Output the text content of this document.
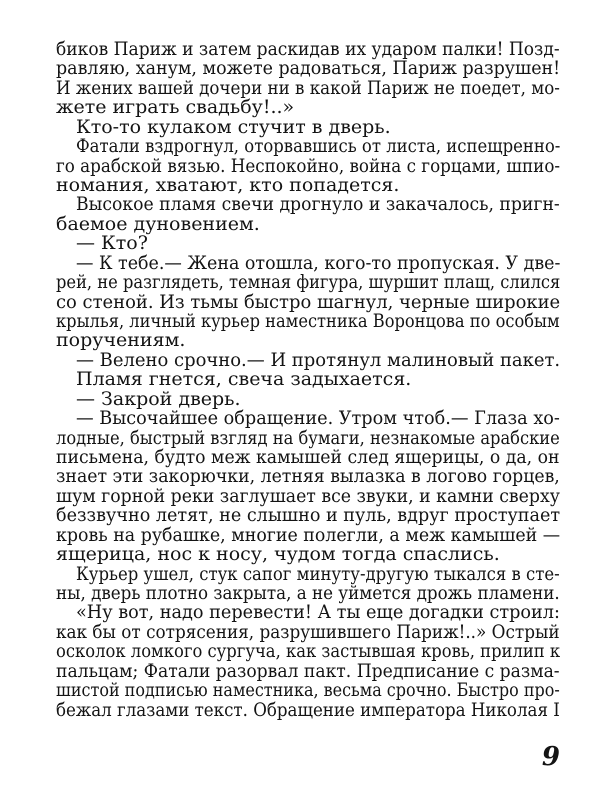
биков Париж и затем раскидав их ударом палки! Позд-
равляю, ханум, можете радоваться, Париж разрушен!
И жених вашей дочери ни в какой Париж не поедет, мо-
жете играть свадьбу!..»
Кто-то кулаком стучит в дверь.
Фатали вздрогнул, оторвавшись от листа, испещренно-
го арабской вязью. Неспокойно, война с горцами, шпио-
номания, хватают, кто попадется.
Высокое пламя свечи дрогнуло и закачалось, пригн-
баемое дуновением.
— Кто?
— К тебе.— Жена отошла, кого-то пропуская. У две-
рей, не разглядеть, темная фигура, шуршит плащ, слился
со стеной. Из тьмы быстро шагнул, черные широкие
крылья, личный курьер наместника Воронцова по особым
поручениям.
— Велено срочно.— И протянул малиновый пакет.
Пламя гнется, свеча задыхается.
— Закрой дверь.
— Высочайшее обращение. Утром чтоб.— Глаза хо-
лодные, быстрый взгляд на бумаги, незнакомые арабские
письмена, будто меж камышей след ящерицы, о да, он
знает эти закорючки, летняя вылазка в логово горцев,
шум горной реки заглушает все звуки, и камни сверху
беззвучно летят, не слышно и пуль, вдруг проступает
кровь на рубашке, многие полегли, а меж камышей —
ящерица, нос к носу, чудом тогда спаслись.
Курьер ушел, стук сапог минуту-другую тыкался в сте-
ны, дверь плотно закрыта, а не уймется дрожь пламени.
«Ну вот, надо перевести! А ты еще догадки строил:
как бы от сотрясения, разрушившего Париж!..» Острый
осколок ломкого сургуча, как застывшая кровь, прилип к
пальцам; Фатали разорвал пакт. Предписание с размa-
шистой подписью наместника, весьма срочно. Быстро про-
бежал глазами текст. Обращение императора Николая I
9
